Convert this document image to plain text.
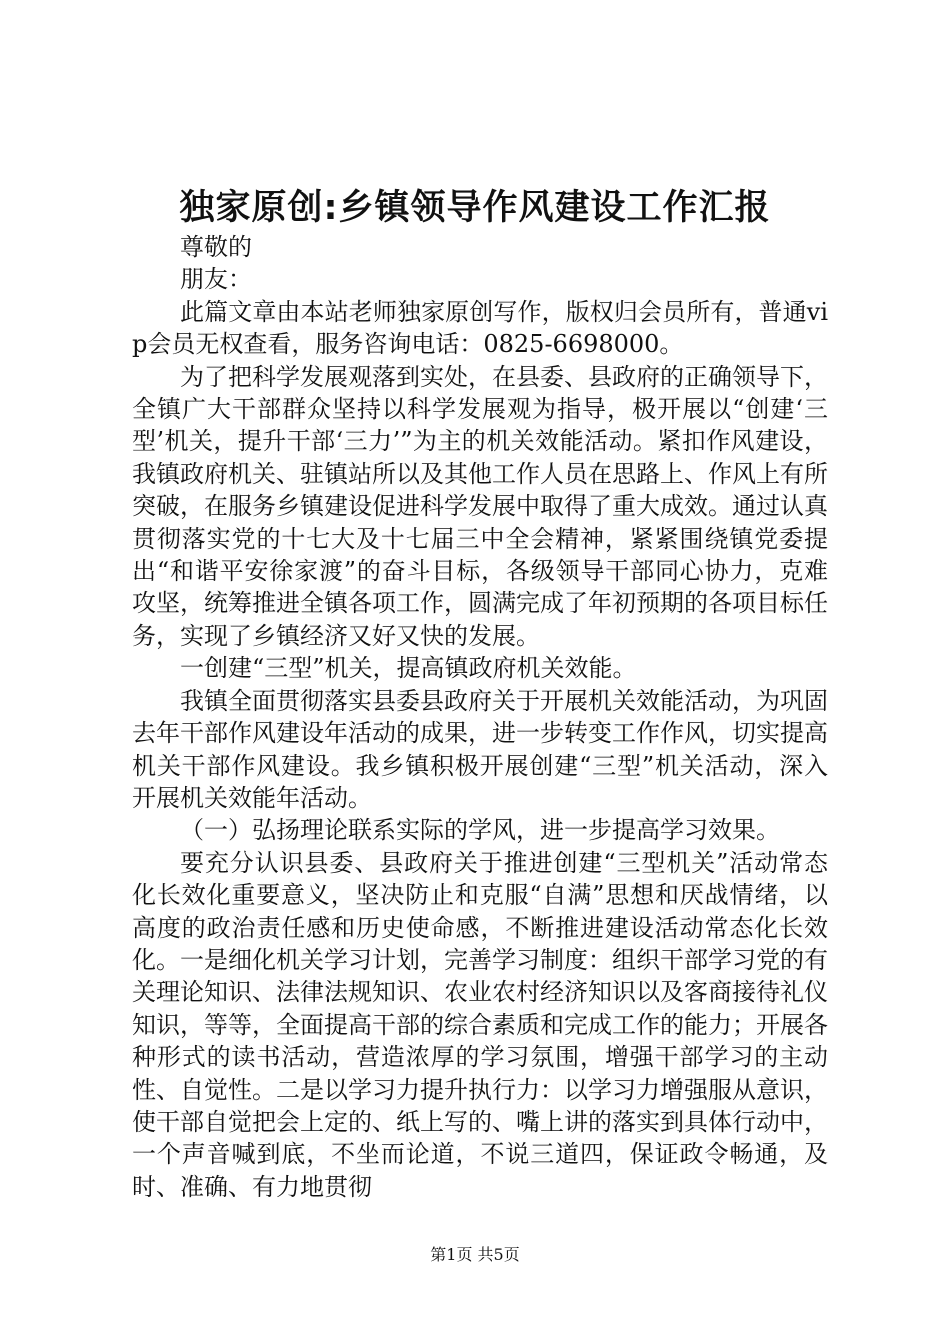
独家原创:乡镇领导作风建设工作汇报

尊敬的

朋友：

此篇文章由本站老师独家原创写作，版权归会员所有，普通vip会员无权查看，服务咨询电话：0825-6698000。

为了把科学发展观落到实处，在县委、县政府的正确领导下，全镇广大干部群众坚持以科学发展观为指导，极开展以“创建‘三型’机关，提升干部‘三力’”为主的机关效能活动。紧扣作风建设，我镇政府机关、驻镇站所以及其他工作人员在思路上、作风上有所突破，在服务乡镇建设促进科学发展中取得了重大成效。通过认真贯彻落实党的十七大及十七届三中全会精神，紧紧围绕镇党委提出“和谐平安徐家渡”的奋斗目标，各级领导干部同心协力，克难攻坚，统筹推进全镇各项工作，圆满完成了年初预期的各项目标任务，实现了乡镇经济又好又快的发展。

一创建“三型”机关，提高镇政府机关效能。

我镇全面贯彻落实县委县政府关于开展机关效能活动，为巩固去年干部作风建设年活动的成果，进一步转变工作作风，切实提高机关干部作风建设。我乡镇积极开展创建“三型”机关活动，深入开展机关效能年活动。

（一）弘扬理论联系实际的学风，进一步提高学习效果。

要充分认识县委、县政府关于推进创建“三型机关”活动常态化长效化重要意义，坚决防止和克服“自满”思想和厌战情绪，以高度的政治责任感和历史使命感，不断推进建设活动常态化长效化。一是细化机关学习计划，完善学习制度：组织干部学习党的有关理论知识、法律法规知识、农业农村经济知识以及客商接待礼仪知识，等等，全面提高干部的综合素质和完成工作的能力；开展各种形式的读书活动，营造浓厚的学习氛围，增强干部学习的主动性、自觉性。二是以学习力提升执行力：以学习力增强服从意识，使干部自觉把会上定的、纸上写的、嘴上讲的落实到具体行动中，一个声音喊到底，不坐而论道，不说三道四，保证政令畅通，及时、准确、有力地贯彻

第1页 共5页
